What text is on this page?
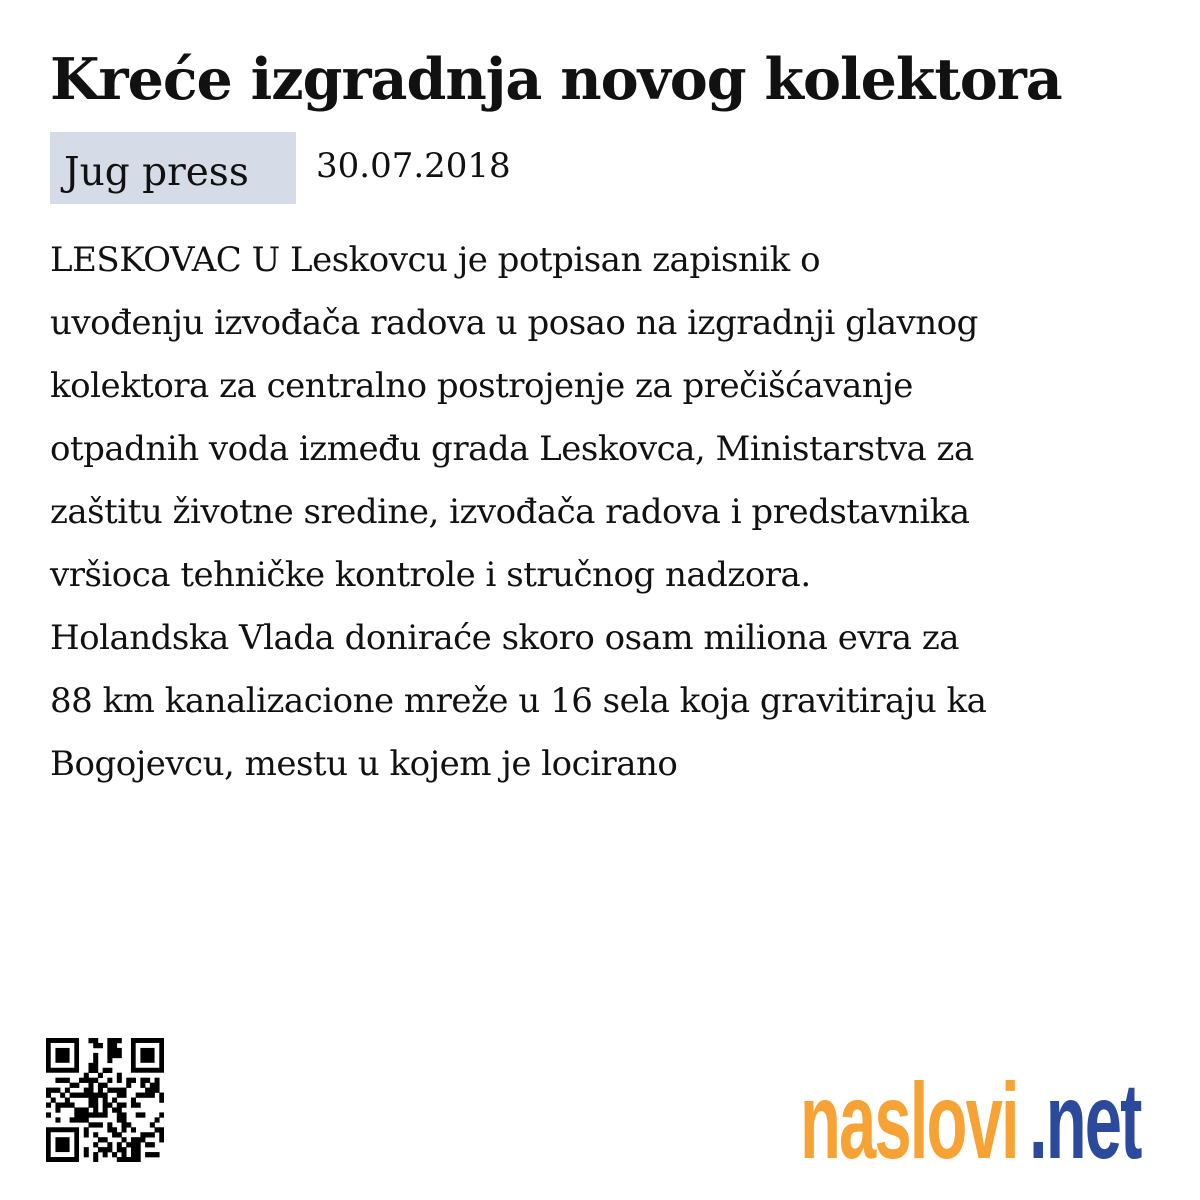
Kreće izgradnja novog kolektora
Jug press	30.07.2018

LESKOVAC U Leskovcu je potpisan zapisnik o
uvođenju izvođača radova u posao na izgradnji glavnog
kolektora za centralno postrojenje za prečišćavanje
otpadnih voda između grada Leskovca, Ministarstva za
zaštitu životne sredine, izvođača radova i predstavnika
vršioca tehničke kontrole i stručnog nadzora.
Holandska Vlada doniraće skoro osam miliona evra za
88 km kanalizacione mreže u 16 sela koja gravitiraju ka
Bogojevcu, mestu u kojem je locirano

naslovi .net
